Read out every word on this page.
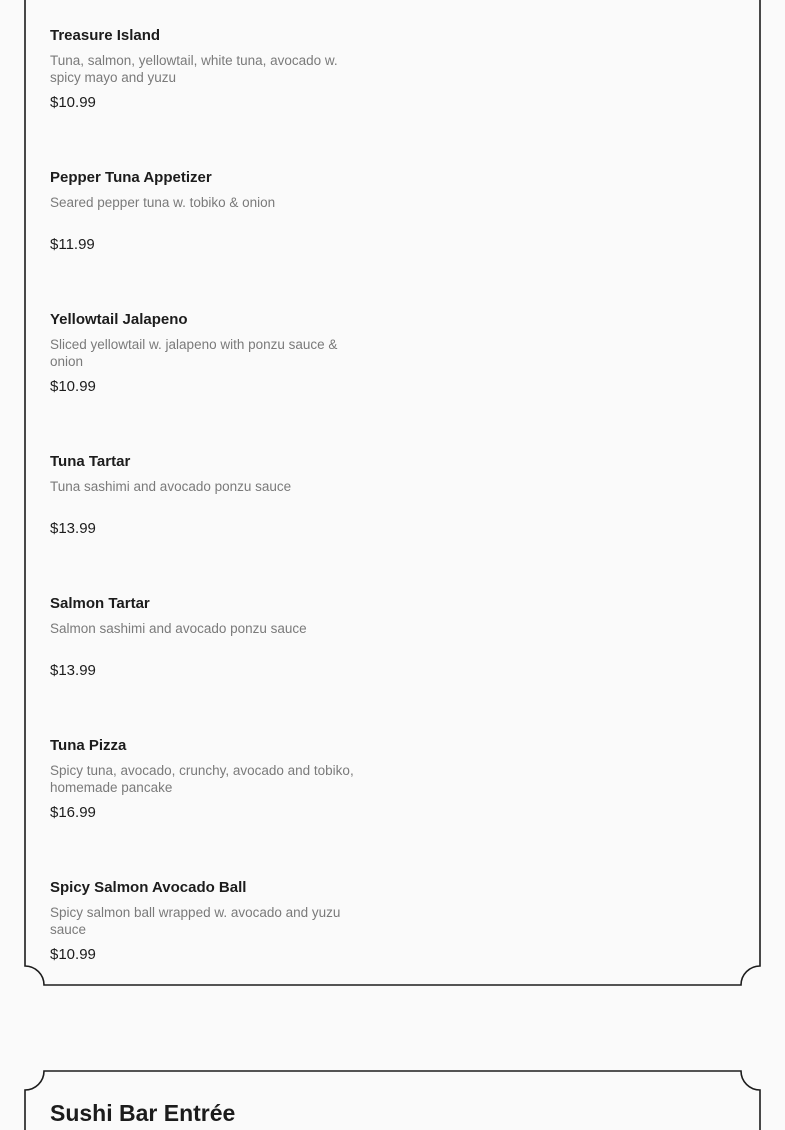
Treasure Island
Tuna, salmon, yellowtail, white tuna, avocado w. spicy mayo and yuzu
$10.99
Pepper Tuna Appetizer
Seared pepper tuna w. tobiko & onion
$11.99
Yellowtail Jalapeno
Sliced yellowtail w. jalapeno with ponzu sauce & onion
$10.99
Tuna Tartar
Tuna sashimi and avocado ponzu sauce
$13.99
Salmon Tartar
Salmon sashimi and avocado ponzu sauce
$13.99
Tuna Pizza
Spicy tuna, avocado, crunchy, avocado and tobiko, homemade pancake
$16.99
Spicy Salmon Avocado Ball
Spicy salmon ball wrapped w. avocado and yuzu sauce
$10.99
Sushi Bar Entrée
